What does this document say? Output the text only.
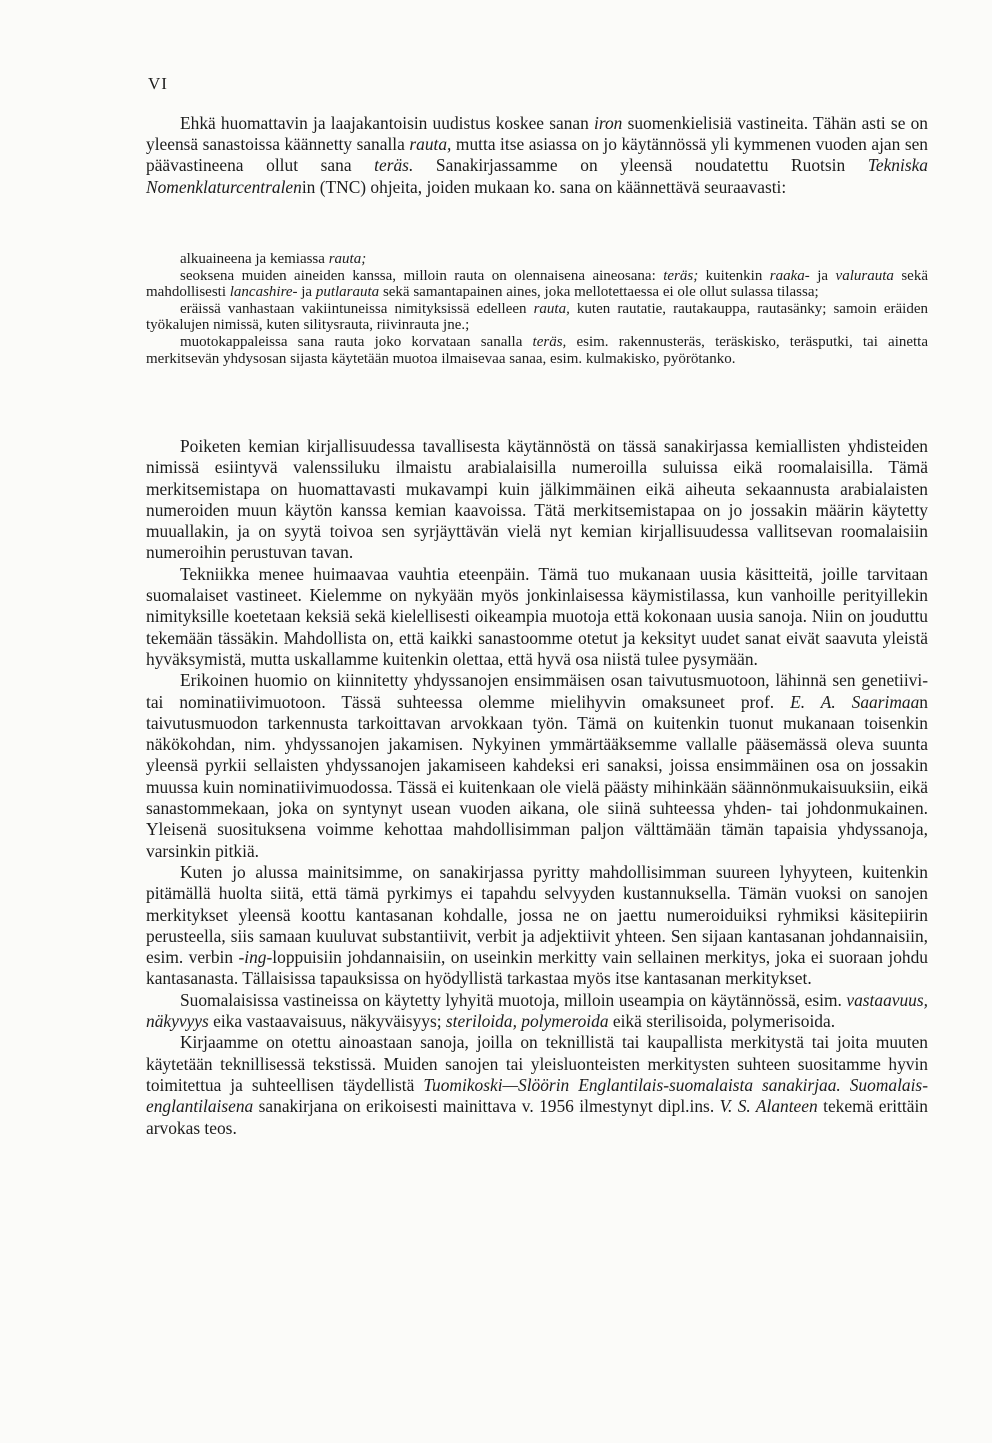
VI

Ehkä huomattavin ja laajakantoisin uudistus koskee sanan iron suomenkielisiä vastineita. Tähän asti se on yleensä sanastoissa käännetty sanalla rauta, mutta itse asiassa on jo käytännössä yli kymmenen vuoden ajan sen päävastineena ollut sana teräs. Sanakirjassamme on yleensä noudatettu Ruotsin Tekniska Nomenklaturcentralenin (TNC) ohjeita, joiden mukaan ko. sana on käännettävä seuraavasti:

alkuaineena ja kemiassa rauta;

seoksena muiden aineiden kanssa, milloin rauta on olennaisena aineosana: teräs; kuitenkin raaka- ja valurauta sekä mahdollisesti lancashire- ja putlarauta sekä samantapainen aines, joka mellotettaessa ei ole ollut sulassa tilassa;

eräissä vanhastaan vakiintuneissa nimityksissä edelleen rauta, kuten rautatie, rautakauppa, rautasänky; samoin eräiden työkalujen nimissä, kuten silitysrauta, riivinrauta jne.;

muotokappaleissa sana rauta joko korvataan sanalla teräs, esim. rakennusteräs, teräskisko, teräsputki, tai ainetta merkitsevän yhdysosan sijasta käytetään muotoa ilmaisevaa sanaa, esim. kulmakisko, pyörötanko.

Poiketen kemian kirjallisuudessa tavallisesta käytännöstä on tässä sanakirjassa kemiallisten yhdisteiden nimissä esiintyvä valenssiluku ilmaistu arabialaisilla numeroilla suluissa eikä roomalaisilla. Tämä merkitsemistapa on huomattavasti mukavampi kuin jälkimmäinen eikä aiheuta sekaannusta arabialaisten numeroiden muun käytön kanssa kemian kaavoissa. Tätä merkitsemistapaa on jo jossakin määrin käytetty muuallakin, ja on syytä toivoa sen syrjäyttävän vielä nyt kemian kirjallisuudessa vallitsevan roomalaisiin numeroihin perustuvan tavan.

Tekniikka menee huimaavaa vauhtia eteenpäin. Tämä tuo mukanaan uusia käsitteitä, joille tarvitaan suomalaiset vastineet. Kielemme on nykyään myös jonkinlaisessa käymistilassa, kun vanhoille perityillekin nimityksille koetetaan keksiä sekä kielellisesti oikeampia muotoja että kokonaan uusia sanoja. Niin on jouduttu tekemään tässäkin. Mahdollista on, että kaikki sanastoomme otetut ja keksityt uudet sanat eivät saavuta yleistä hyväksymistä, mutta uskallamme kuitenkin olettaa, että hyvä osa niistä tulee pysymään.

Erikoinen huomio on kiinnitetty yhdyssanojen ensimmäisen osan taivutusmuotoon, lähinnä sen genetiivi- tai nominatiivimuotoon. Tässä suhteessa olemme mielihyvin omaksuneet prof. E. A. Saarimaan taivutusmuodon tarkennusta tarkoittavan arvokkaan työn. Tämä on kuitenkin tuonut mukanaan toisenkin näkökohdan, nim. yhdyssanojen jakamisen. Nykyinen ymmärtääksemme vallalle pääsemässä oleva suunta yleensä pyrkii sellaisten yhdyssanojen jakamiseen kahdeksi eri sanaksi, joissa ensimmäinen osa on jossakin muussa kuin nominatiivimuodossa. Tässä ei kuitenkaan ole vielä päästy mihinkään säännönmukaisuuksiin, eikä sanastommekaan, joka on syntynyt usean vuoden aikana, ole siinä suhteessa yhden- tai johdonmukainen. Yleisenä suosituksena voimme kehottaa mahdollisimman paljon välttämään tämän tapaisia yhdyssanoja, varsinkin pitkiä.

Kuten jo alussa mainitsimme, on sanakirjassa pyritty mahdollisimman suureen lyhyyteen, kuitenkin pitämällä huolta siitä, että tämä pyrkimys ei tapahdu selvyyden kustannuksella. Tämän vuoksi on sanojen merkitykset yleensä koottu kantasanan kohdalle, jossa ne on jaettu numeroiduiksi ryhmiksi käsitepiirin perusteella, siis samaan kuuluvat substantiivit, verbit ja adjektiivit yhteen. Sen sijaan kantasanan johdannaisiin, esim. verbin -ing-loppuisiin johdannaisiin, on useinkin merkitty vain sellainen merkitys, joka ei suoraan johdu kantasanasta. Tällaisissa tapauksissa on hyödyllistä tarkastaa myös itse kantasanan merkitykset.

Suomalaisissa vastineissa on käytetty lyhyitä muotoja, milloin useampia on käytännössä, esim. vastaavuus, näkyvyys eika vastaavaisuus, näkyväisyys; steriloida, polymeroida eikä sterilisoida, polymerisoida.

Kirjaamme on otettu ainoastaan sanoja, joilla on teknillistä tai kaupallista merkitystä tai joita muuten käytetään teknillisessä tekstissä. Muiden sanojen tai yleisluonteisten merkitysten suhteen suositamme hyvin toimitettua ja suhteellisen täydellistä Tuomikoski—Slöörin Englantilais-suomalaista sanakirjaa. Suomalais-englantilaisena sanakirjana on erikoisesti mainittava v. 1956 ilmestynyt dipl.ins. V. S. Alanteen tekemä erittäin arvokas teos.
